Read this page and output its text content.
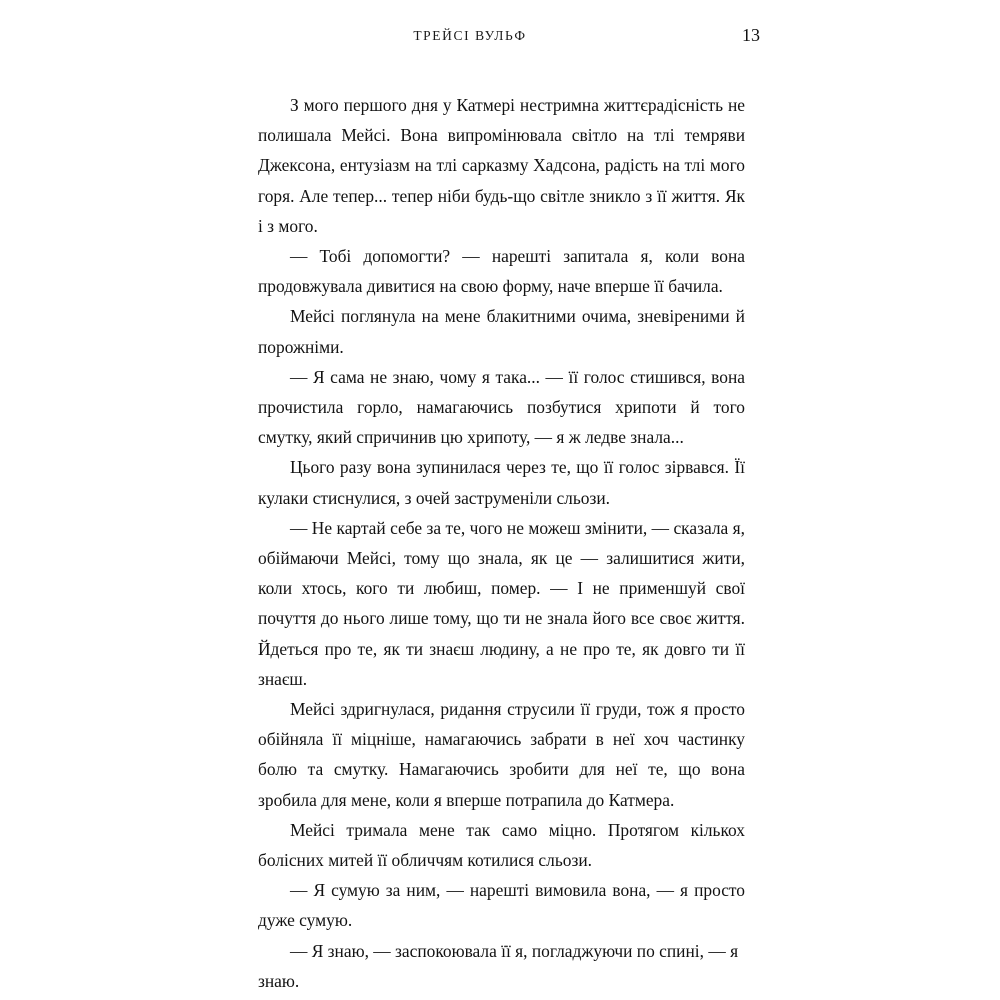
ТРЕЙСІ ВУЛЬФ	13

З мого першого дня у Катмері нестримна життєрадісність не полишала Мейсі. Вона випромінювала світло на тлі темряви Джексона, ентузіазм на тлі сарказму Хадсона, радість на тлі мого горя. Але тепер... тепер ніби будь-що світле зникло з її життя. Як і з мого.

— Тобі допомогти? — нарешті запитала я, коли вона продовжувала дивитися на свою форму, наче вперше її бачила.

Мейсі поглянула на мене блакитними очима, зневіреними й порожніми.

— Я сама не знаю, чому я така... — її голос стишився, вона прочистила горло, намагаючись позбутися хрипоти й того смутку, який спричинив цю хрипоту, — я ж ледве знала...

Цього разу вона зупинилася через те, що її голос зірвався. Її кулаки стиснулися, з очей заструменіли сльози.

— Не картай себе за те, чого не можеш змінити, — сказала я, обіймаючи Мейсі, тому що знала, як це — залишитися жити, коли хтось, кого ти любиш, помер. — І не применшуй свої почуття до нього лише тому, що ти не знала його все своє життя. Йдеться про те, як ти знаєш людину, а не про те, як довго ти її знаєш.

Мейсі здригнулася, ридання струсили її груди, тож я просто обійняла її міцніше, намагаючись забрати в неї хоч частинку болю та смутку. Намагаючись зробити для неї те, що вона зробила для мене, коли я вперше потрапила до Катмера.

Мейсі тримала мене так само міцно. Протягом кількох болісних митей її обличчям котилися сльози.

— Я сумую за ним, — нарешті вимовила вона, — я просто дуже сумую.

— Я знаю, — заспокоювала її я, погладжуючи по спині, — я знаю.
